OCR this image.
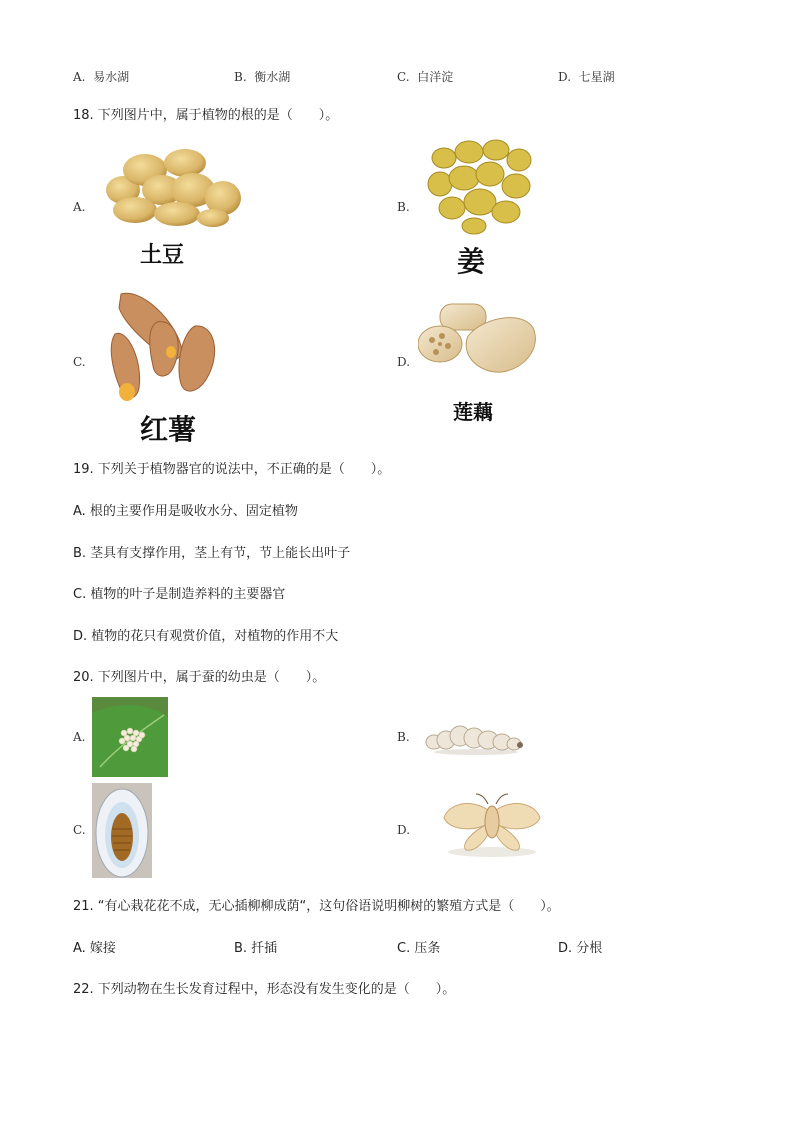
A. 易水湖	B. 衡水湖	C. 白洋淀	D. 七星湖
18. 下列图片中，属于植物的根的是（　　）。
A.
土豆
B.
姜
C.
红薯
D.
莲藕
19. 下列关于植物器官的说法中，不正确的是（　　）。
A. 根的主要作用是吸收水分、固定植物
B. 茎具有支撑作用，茎上有节，节上能长出叶子
C. 植物的叶子是制造养料的主要器官
D. 植物的花只有观赏价值，对植物的作用不大
20. 下列图片中，属于蚕的幼虫是（　　）。
A.	B.
C.	D.
21. “有心栽花花不成，无心插柳柳成荫“，这句俗语说明柳树的繁殖方式是（　　）。
A. 嫁接	B. 扦插	C. 压条	D. 分根
22. 下列动物在生长发育过程中，形态没有发生变化的是（　　）。
